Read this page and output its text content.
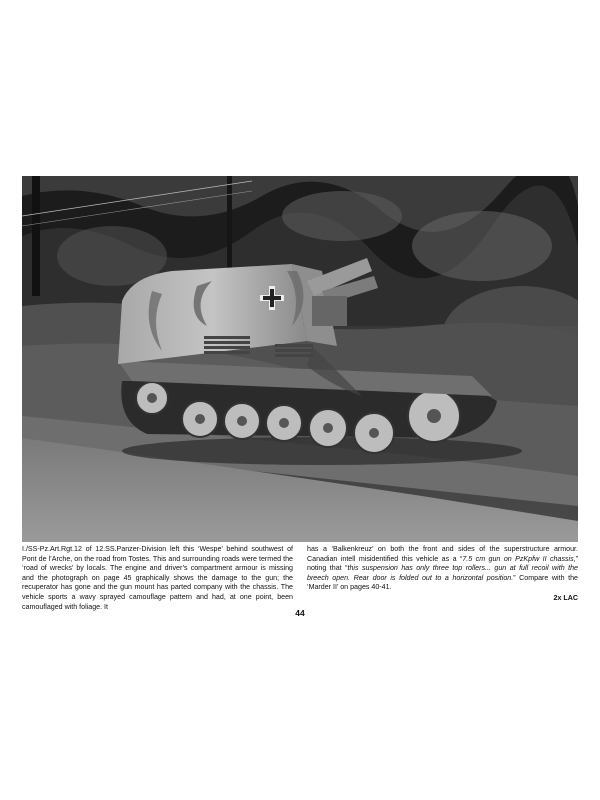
I./SS-Pz.Art.Rgt.12 of 12.SS.Panzer-Division left this ‘Wespe’ behind southwest of Pont de l’Arche, on the road from Tostes. This and surrounding roads were termed the ‘road of wrecks’ by locals. The engine and driver’s compartment armour is missing and the photograph on page 45 graphically shows the damage to the gun; the recuperator has gone and the gun mount has parted company with the chassis. The vehicle sports a wavy sprayed camouflage pattern and had, at one point, been camouflaged with foliage. It

has a ‘Balkenkreuz’ on both the front and sides of the superstructure armour. Canadian intell misidentified this vehicle as a “7.5 cm gun on PzKpfw II chassis,” noting that “this suspension has only three top rollers... gun at full recoil with the breech open. Rear door is folded out to a horizontal position.” Compare with the ‘Marder II’ on pages 40-41.

2x LAC
44
